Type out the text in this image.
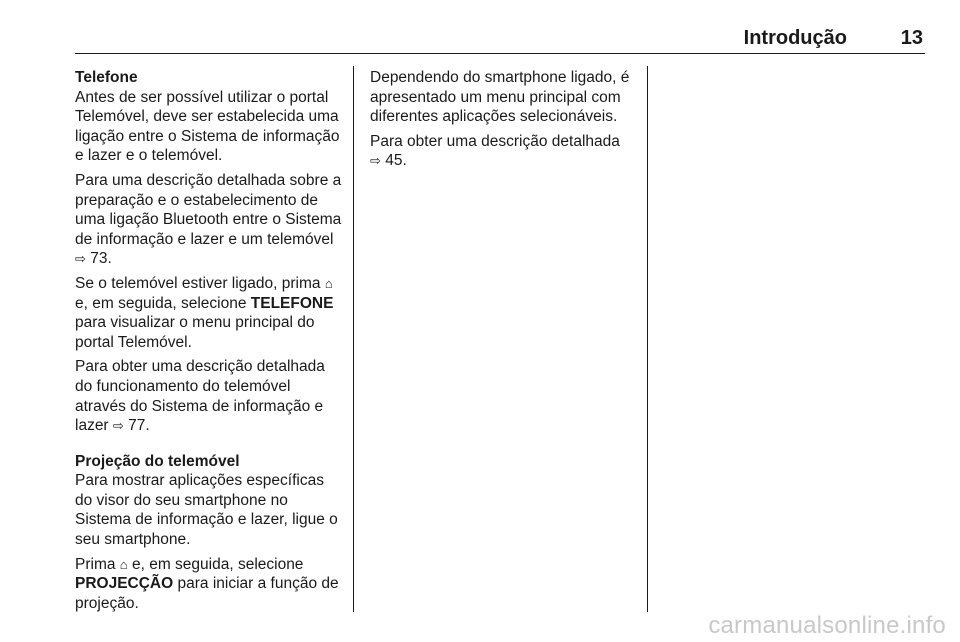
Introdução	13

Telefone

Antes de ser possível utilizar o portal Telemóvel, deve ser estabelecida uma ligação entre o Sistema de informação e lazer e o telemóvel.

Para uma descrição detalhada sobre a preparação e o estabelecimento de uma ligação Bluetooth entre o Sistema de informação e lazer e um telemóvel ⇨ 73.

Se o telemóvel estiver ligado, prima ⌂ e, em seguida, selecione TELEFONE para visualizar o menu principal do portal Telemóvel.

Para obter uma descrição detalhada do funcionamento do telemóvel através do Sistema de informação e lazer ⇨ 77.

Projeção do telemóvel

Para mostrar aplicações específicas do visor do seu smartphone no Sistema de informação e lazer, ligue o seu smartphone.

Prima ⌂ e, em seguida, selecione PROJECÇÃO para iniciar a função de projeção.

Dependendo do smartphone ligado, é apresentado um menu principal com diferentes aplicações selecionáveis.

Para obter uma descrição detalhada
⇨ 45.

carmanualsonline.info
